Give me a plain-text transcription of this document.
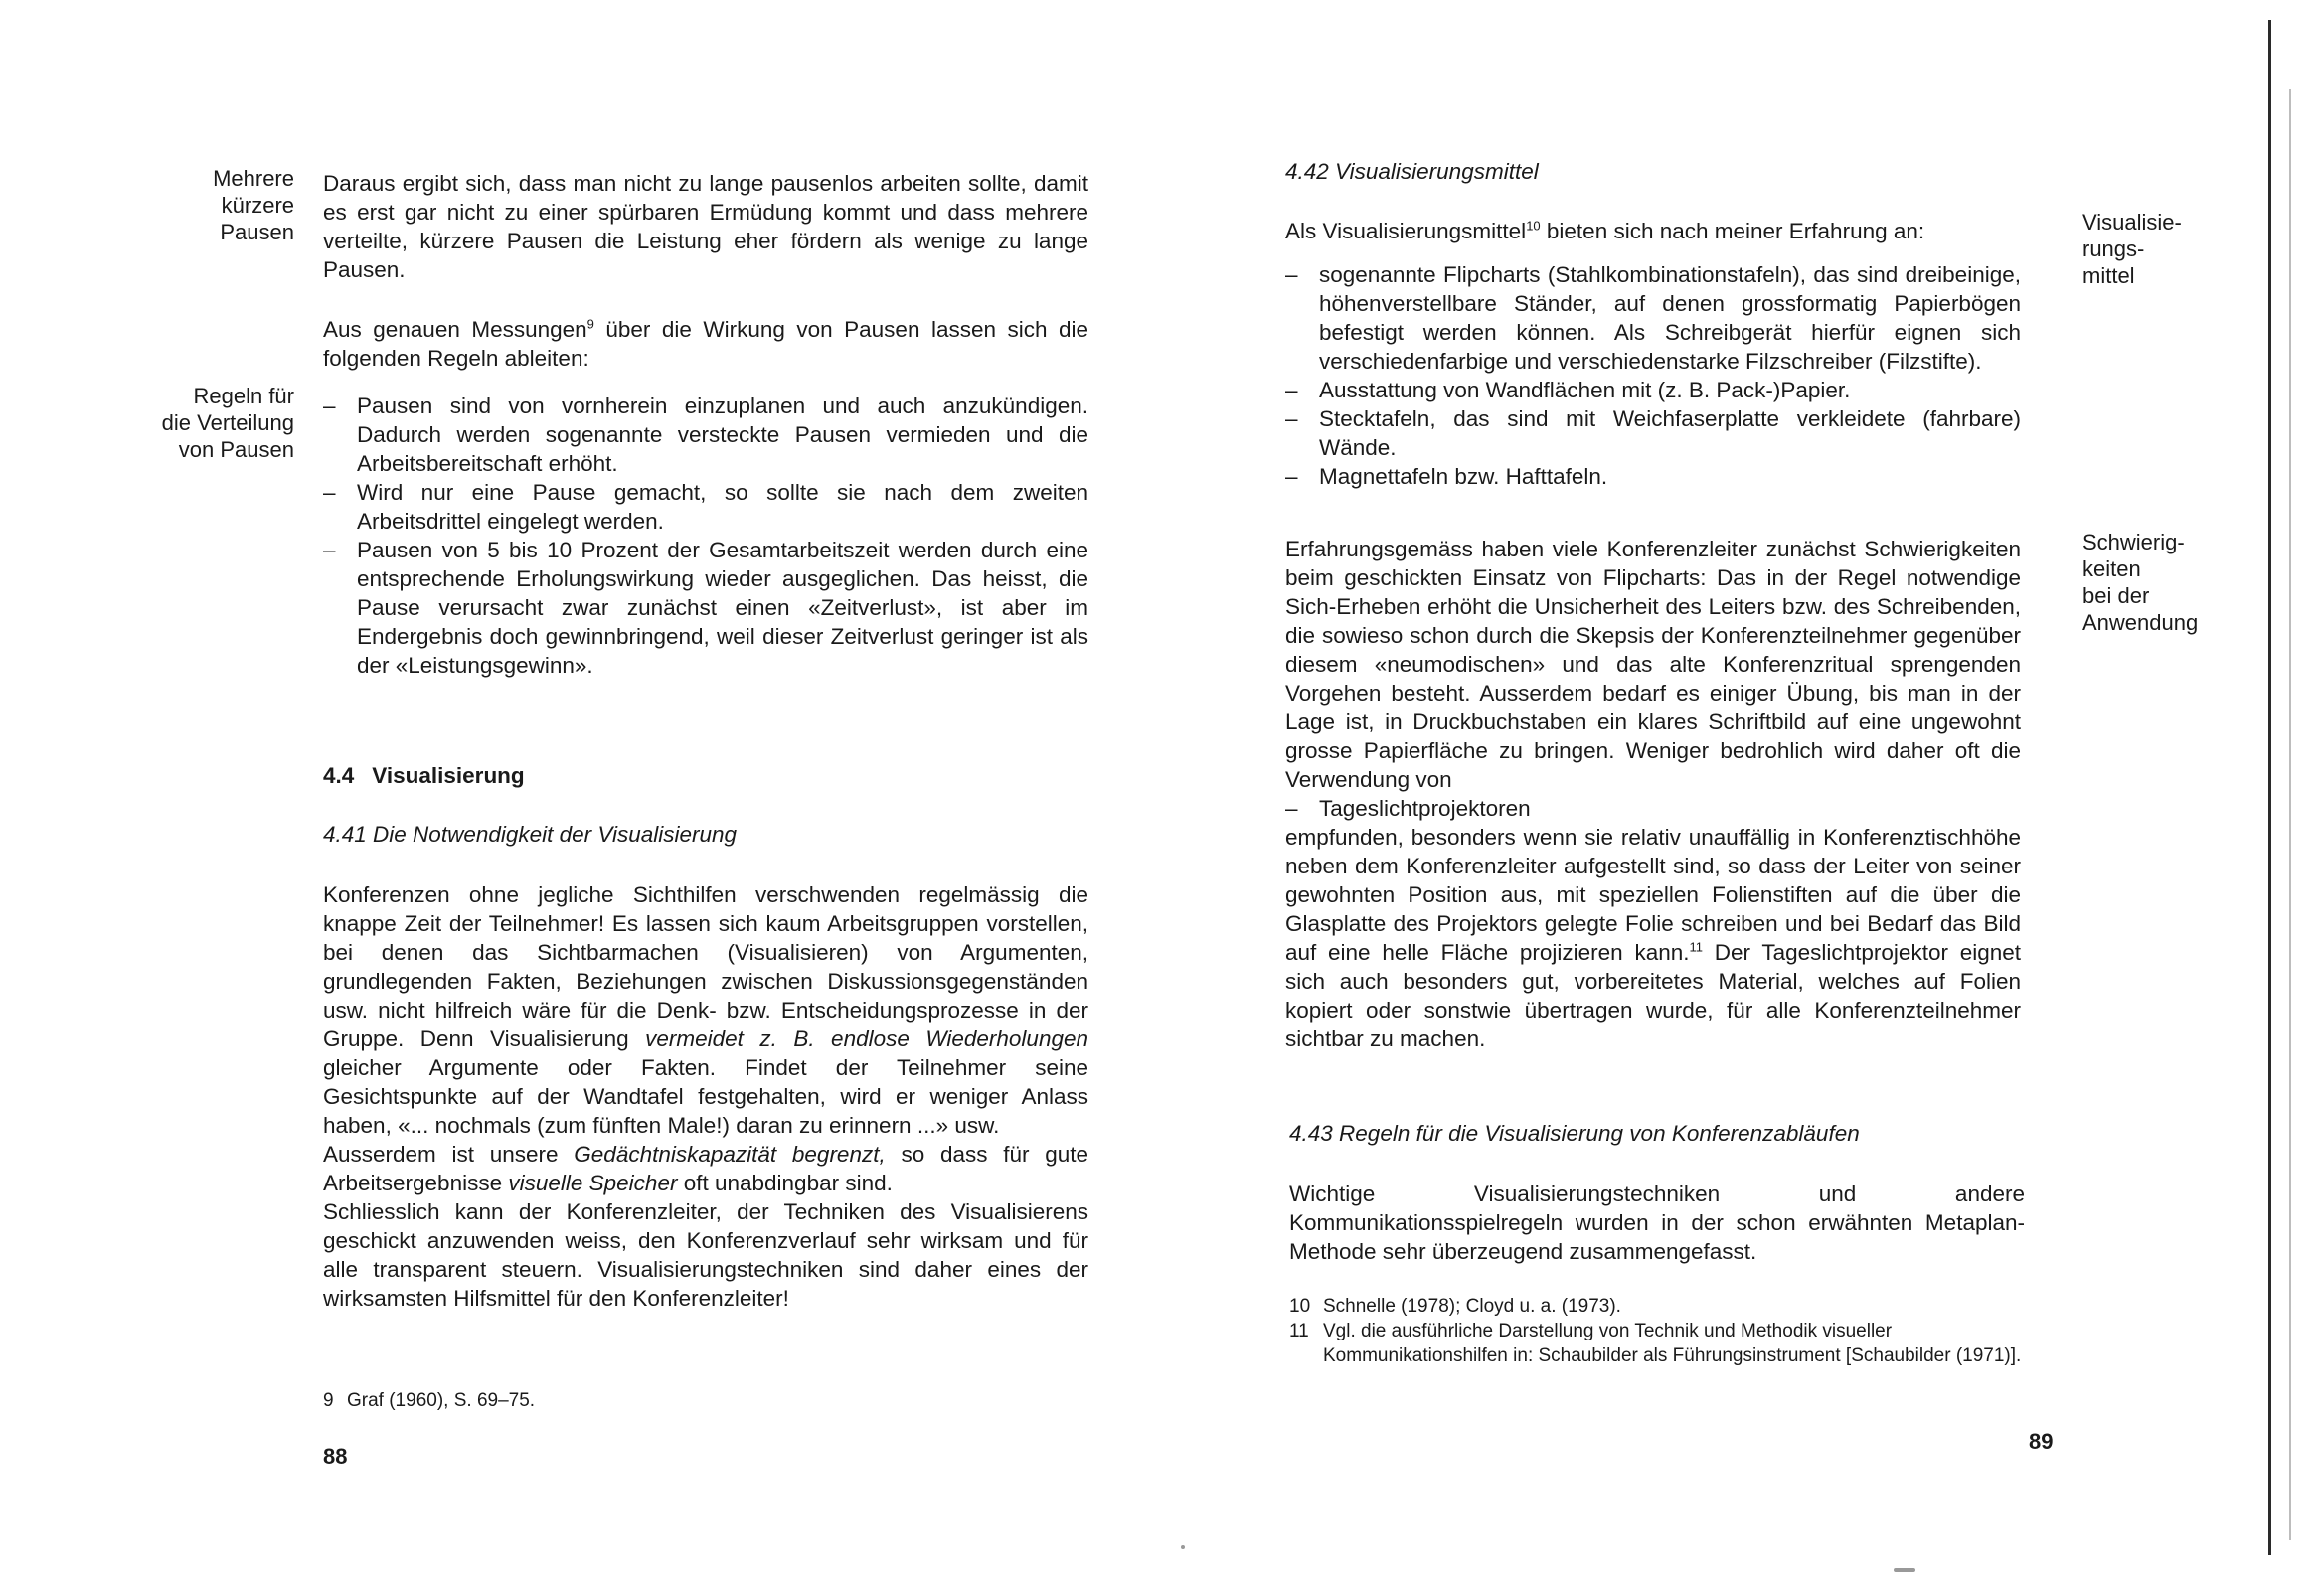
Mehrere
kürzere
Pausen

Daraus ergibt sich, dass man nicht zu lange pausenlos arbeiten sollte, damit es erst gar nicht zu einer spürbaren Ermüdung kommt und dass mehrere verteilte, kürzere Pausen die Leistung eher fördern als wenige zu lange Pausen.

Aus genauen Messungen$^9$ über die Wirkung von Pausen lassen sich die folgenden Regeln ableiten:

Regeln für
die Verteilung
von Pausen
– Pausen sind von vornherein einzuplanen und auch anzukündigen. Dadurch werden sogenannte versteckte Pausen vermieden und die Arbeitsbereitschaft erhöht.
– Wird nur eine Pause gemacht, so sollte sie nach dem zweiten Arbeitsdrittel eingelegt werden.
– Pausen von 5 bis 10 Prozent der Gesamtarbeitszeit werden durch eine entsprechende Erholungswirkung wieder ausgeglichen. Das heisst, die Pause verursacht zwar zunächst einen «Zeitverlust», ist aber im Endergebnis doch gewinnbringend, weil dieser Zeitverlust geringer ist als der «Leistungsgewinn».
4.4 Visualisierung
4.41 Die Notwendigkeit der Visualisierung

Konferenzen ohne jegliche Sichthilfen verschwenden regelmässig die knappe Zeit der Teilnehmer! Es lassen sich kaum Arbeitsgruppen vorstellen, bei denen das Sichtbarmachen (Visualisieren) von Argumenten, grundlegenden Fakten, Beziehungen zwischen Diskussionsgegenständen usw. nicht hilfreich wäre für die Denk- bzw. Entscheidungsprozesse in der Gruppe. Denn Visualisierung vermeidet z. B. endlose Wiederholungen gleicher Argumente oder Fakten. Findet der Teilnehmer seine Gesichtspunkte auf der Wandtafel festgehalten, wird er weniger Anlass haben, «... nochmals (zum fünften Male!) daran zu erinnern ...» usw.

Ausserdem ist unsere Gedächtniskapazität begrenzt, so dass für gute Arbeitsergebnisse visuelle Speicher oft unabdingbar sind.

Schliesslich kann der Konferenzleiter, der Techniken des Visualisierens geschickt anzuwenden weiss, den Konferenzverlauf sehr wirksam und für alle transparent steuern. Visualisierungstechniken sind daher eines der wirksamsten Hilfsmittel für den Konferenzleiter!

9 Graf (1960), S. 69–75.
88
4.42 Visualisierungsmittel

Als Visualisierungsmittel$^{10}$ bieten sich nach meiner Erfahrung an:	Visualisie-
rungs-
mittel
– sogenannte Flipcharts (Stahlkombinationstafeln), das sind dreibeinige, höhenverstellbare Ständer, auf denen grossformatig Papierbögen befestigt werden können. Als Schreibgerät hierfür eignen sich verschiedenfarbige und verschiedenstarke Filzschreiber (Filzstifte).
– Ausstattung von Wandflächen mit (z. B. Pack-)Papier.
– Stecktafeln, das sind mit Weichfaserplatte verkleidete (fahrbare) Wände.
– Magnettafeln bzw. Hafttafeln.
Schwierig-
keiten
bei der
Anwendung

Erfahrungsgemäss haben viele Konferenzleiter zunächst Schwierigkeiten beim geschickten Einsatz von Flipcharts: Das in der Regel notwendige Sich-Erheben erhöht die Unsicherheit des Leiters bzw. des Schreibenden, die sowieso schon durch die Skepsis der Konferenzteilnehmer gegenüber diesem «neumodischen» und das alte Konferenzritual sprengenden Vorgehen besteht. Ausserdem bedarf es einiger Übung, bis man in der Lage ist, in Druckbuchstaben ein klares Schriftbild auf eine ungewohnt grosse Papierfläche zu bringen. Weniger bedrohlich wird daher oft die Verwendung von

– Tageslichtprojektoren

empfunden, besonders wenn sie relativ unauffällig in Konferenztischhöhe neben dem Konferenzleiter aufgestellt sind, so dass der Leiter von seiner gewohnten Position aus, mit speziellen Folienstiften auf die über die Glasplatte des Projektors gelegte Folie schreiben und bei Bedarf das Bild auf eine helle Fläche projizieren kann.$^{11}$ Der Tageslichtprojektor eignet sich auch besonders gut, vorbereitetes Material, welches auf Folien kopiert oder sonstwie übertragen wurde, für alle Konferenzteilnehmer sichtbar zu machen.

4.43 Regeln für die Visualisierung von Konferenzabläufen

Wichtige Visualisierungstechniken und andere Kommunikationsspielregeln wurden in der schon erwähnten Metaplan-Methode sehr überzeugend zusammengefasst.

10 Schnelle (1978); Cloyd u. a. (1973).
11 Vgl. die ausführliche Darstellung von Technik und Methodik visueller Kommunikationshilfen in: Schaubilder als Führungsinstrument [Schaubilder (1971)].
89
